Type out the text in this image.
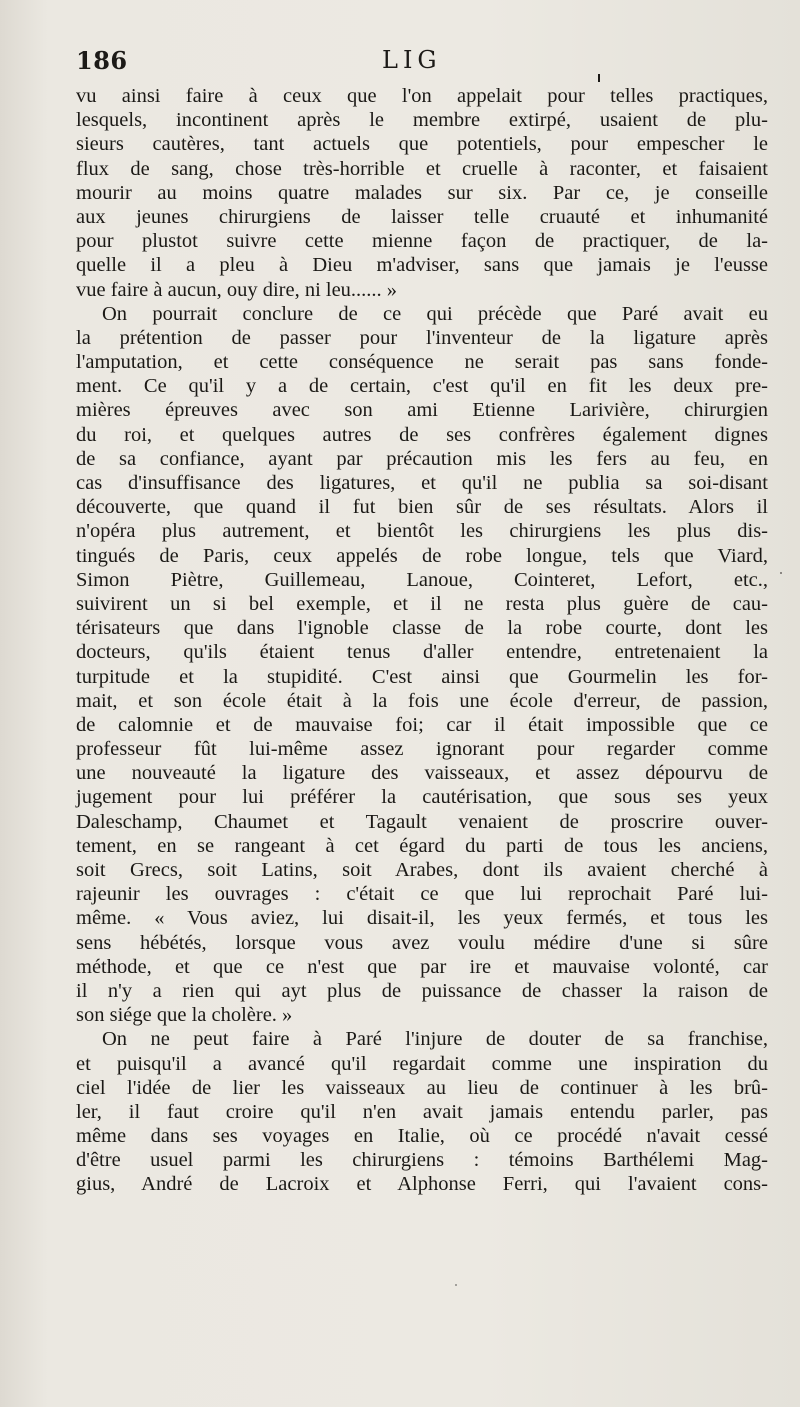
186	LIG
vu ainsi faire à ceux que l'on appelait pour telles practiques,
lesquels, incontinent après le membre extirpé, usaient de plu-
sieurs cautères, tant actuels que potentiels, pour empescher le
flux de sang, chose très-horrible et cruelle à raconter, et faisaient
mourir au moins quatre malades sur six. Par ce, je conseille
aux jeunes chirurgiens de laisser telle cruauté et inhumanité
pour plustot suivre cette mienne façon de practiquer, de la-
quelle il a pleu à Dieu m'adviser, sans que jamais je l'eusse
vue faire à aucun, ouy dire, ni leu...... »
On pourrait conclure de ce qui précède que Paré avait eu
la prétention de passer pour l'inventeur de la ligature après
l'amputation, et cette conséquence ne serait pas sans fonde-
ment. Ce qu'il y a de certain, c'est qu'il en fit les deux pre-
mières épreuves avec son ami Etienne Larivière, chirurgien
du roi, et quelques autres de ses confrères également dignes
de sa confiance, ayant par précaution mis les fers au feu, en
cas d'insuffisance des ligatures, et qu'il ne publia sa soi-disant
découverte, que quand il fut bien sûr de ses résultats. Alors il
n'opéra plus autrement, et bientôt les chirurgiens les plus dis-
tingués de Paris, ceux appelés de robe longue, tels que Viard,
Simon Piètre, Guillemeau, Lanoue, Cointeret, Lefort, etc.,
suivirent un si bel exemple, et il ne resta plus guère de cau-
térisateurs que dans l'ignoble classe de la robe courte, dont les
docteurs, qu'ils étaient tenus d'aller entendre, entretenaient la
turpitude et la stupidité. C'est ainsi que Gourmelin les for-
mait, et son école était à la fois une école d'erreur, de passion,
de calomnie et de mauvaise foi; car il était impossible que ce
professeur fût lui-même assez ignorant pour regarder comme
une nouveauté la ligature des vaisseaux, et assez dépourvu de
jugement pour lui préférer la cautérisation, que sous ses yeux
Daleschamp, Chaumet et Tagault venaient de proscrire ouver-
tement, en se rangeant à cet égard du parti de tous les anciens,
soit Grecs, soit Latins, soit Arabes, dont ils avaient cherché à
rajeunir les ouvrages : c'était ce que lui reprochait Paré lui-
même. « Vous aviez, lui disait-il, les yeux fermés, et tous les
sens hébétés, lorsque vous avez voulu médire d'une si sûre
méthode, et que ce n'est que par ire et mauvaise volonté, car
il n'y a rien qui ayt plus de puissance de chasser la raison de
son siége que la cholère. »
On ne peut faire à Paré l'injure de douter de sa franchise,
et puisqu'il a avancé qu'il regardait comme une inspiration du
ciel l'idée de lier les vaisseaux au lieu de continuer à les brû-
ler, il faut croire qu'il n'en avait jamais entendu parler, pas
même dans ses voyages en Italie, où ce procédé n'avait cessé
d'être usuel parmi les chirurgiens : témoins Barthélemi Mag-
gius, André de Lacroix et Alphonse Ferri, qui l'avaient cons-
